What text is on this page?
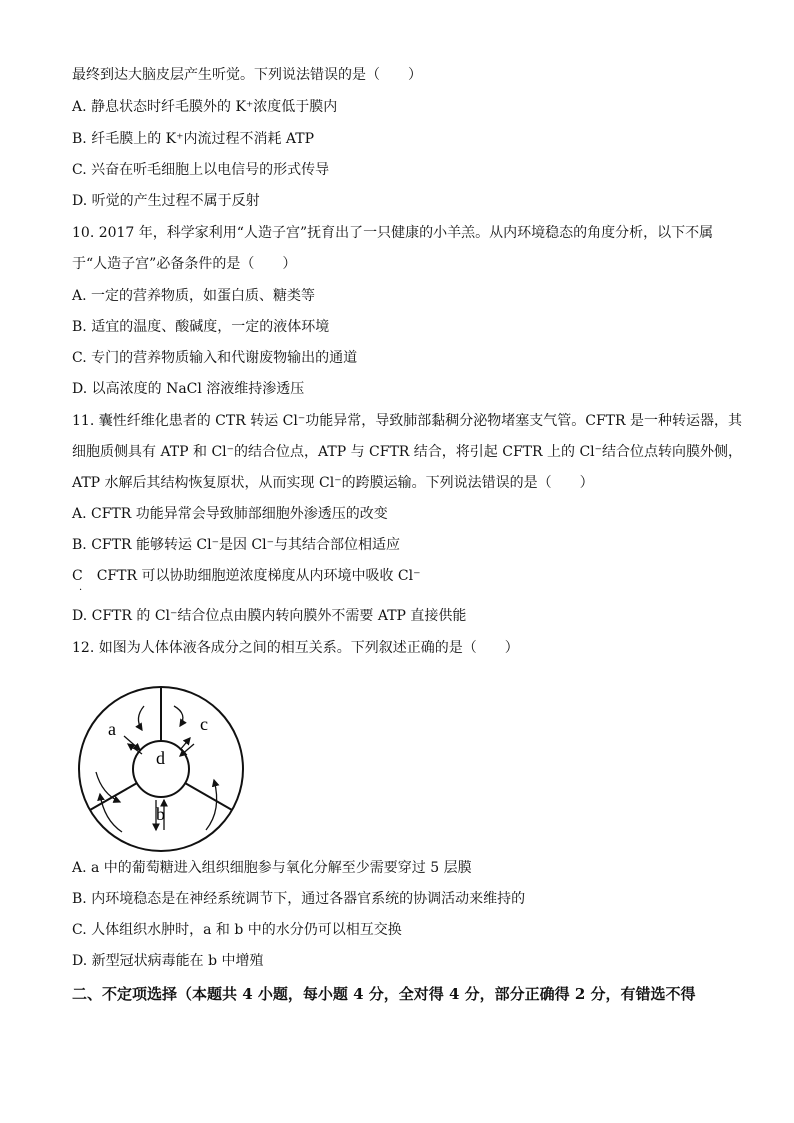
最终到达大脑皮层产生听觉。下列说法错误的是（　　）
A. 静息状态时纤毛膜外的 K⁺浓度低于膜内
B. 纤毛膜上的 K⁺内流过程不消耗 ATP
C. 兴奋在听毛细胞上以电信号的形式传导
D. 听觉的产生过程不属于反射
10. 2017 年，科学家利用“人造子宫”抚育出了一只健康的小羊羔。从内环境稳态的角度分析，以下不属
于“人造子宫”必备条件的是（　　）
A. 一定的营养物质，如蛋白质、糖类等
B. 适宜的温度、酸碱度，一定的液体环境
C. 专门的营养物质输入和代谢废物输出的通道
D. 以高浓度的 NaCl 溶液维持渗透压
11. 囊性纤维化患者的 CTR 转运 Cl⁻功能异常，导致肺部黏稠分泌物堵塞支气管。CFTR 是一种转运器，其
细胞质侧具有 ATP 和 Cl⁻的结合位点，ATP 与 CFTR 结合，将引起 CFTR 上的 Cl⁻结合位点转向膜外侧，
ATP 水解后其结构恢复原状，从而实现 Cl⁻的跨膜运输。下列说法错误的是（　　）
A. CFTR 功能异常会导致肺部细胞外渗透压的改变
B. CFTR 能够转运 Cl⁻是因 Cl⁻与其结合部位相适应
C　CFTR 可以协助细胞逆浓度梯度从内环境中吸收 Cl⁻
·
D. CFTR 的 Cl⁻结合位点由膜内转向膜外不需要 ATP 直接供能
12. 如图为人体体液各成分之间的相互关系。下列叙述正确的是（　　）
a	c
d
b
A. a 中的葡萄糖进入组织细胞参与氧化分解至少需要穿过 5 层膜
B. 内环境稳态是在神经系统调节下，通过各器官系统的协调活动来维持的
C. 人体组织水肿时，a 和 b 中的水分仍可以相互交换
D. 新型冠状病毒能在 b 中增殖
二、不定项选择（本题共 4 小题，每小题 4 分，全对得 4 分，部分正确得 2 分，有错选不得
